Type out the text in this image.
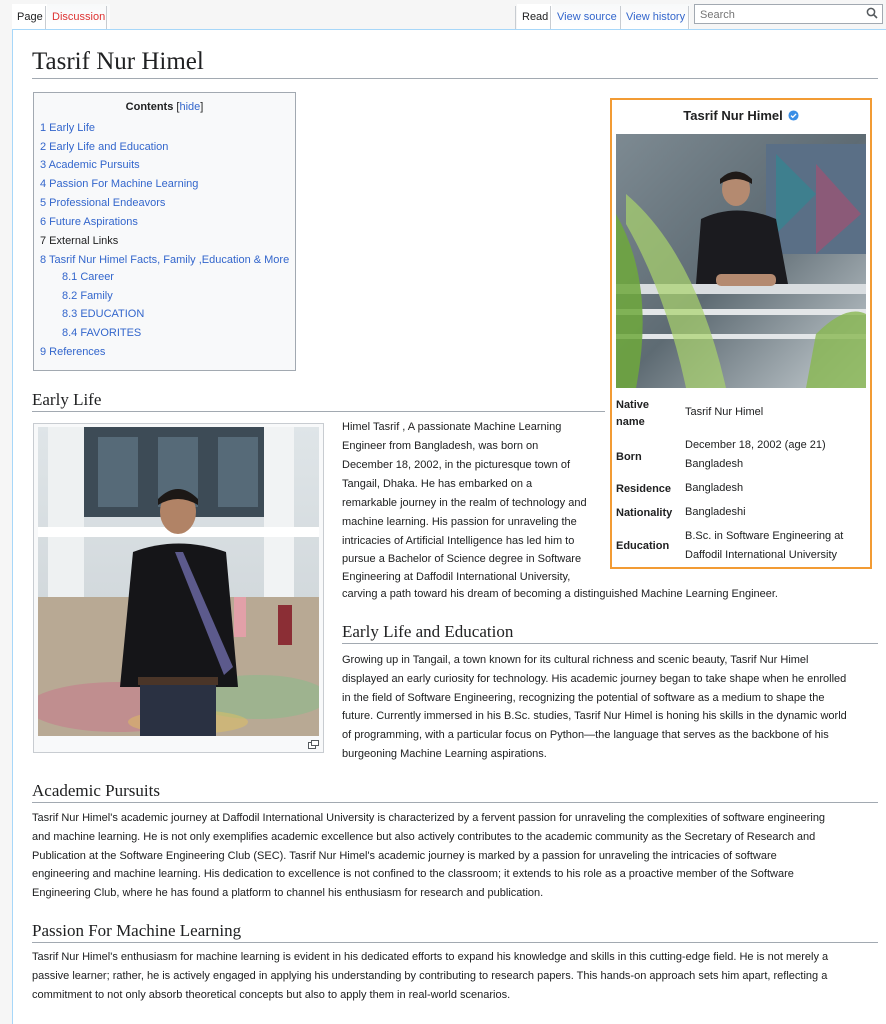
Page Discussion	Read View source View history
Search
Tasrif Nur Himel
Contents [hide]
1 Early Life
2 Early Life and Education
3 Academic Pursuits
4 Passion For Machine Learning
5 Professional Endeavors
6 Future Aspirations
7 External Links
8 Tasrif Nur Himel Facts, Family ,Education & More
8.1 Career
8.2 Family
8.3 EDUCATION
8.4 FAVORITES
9 References
Tasrif Nur Himel
Native
name
Tasrif Nur Himel
Born
December 18, 2002 (age 21)
Bangladesh
Residence Bangladesh
Nationality Bangladeshi
Education
B.Sc. in Software Engineering at
Daffodil International University
Early Life

Himel Tasrif , A passionate Machine Learning

Engineer from Bangladesh, was born on

December 18, 2002, in the picturesque town of

Tangail, Dhaka. He has embarked on a

remarkable journey in the realm of technology and

machine learning. His passion for unraveling the

intricacies of Artificial Intelligence has led him to

pursue a Bachelor of Science degree in Software

Engineering at Daffodil International University,

carving a path toward his dream of becoming a distinguished Machine Learning Engineer.

Early Life and Education

Growing up in Tangail, a town known for its cultural richness and scenic beauty, Tasrif Nur Himel

displayed an early curiosity for technology. His academic journey began to take shape when he enrolled

in the field of Software Engineering, recognizing the potential of software as a medium to shape the

future. Currently immersed in his B.Sc. studies, Tasrif Nur Himel is honing his skills in the dynamic world

of programming, with a particular focus on Python—the language that serves as the backbone of his

burgeoning Machine Learning aspirations.

Academic Pursuits

Tasrif Nur Himel's academic journey at Daffodil International University is characterized by a fervent passion for unraveling the complexities of software engineering

and machine learning. He is not only exemplifies academic excellence but also actively contributes to the academic community as the Secretary of Research and

Publication at the Software Engineering Club (SEC). Tasrif Nur Himel's academic journey is marked by a passion for unraveling the intricacies of software

engineering and machine learning. His dedication to excellence is not confined to the classroom; it extends to his role as a proactive member of the Software

Engineering Club, where he has found a platform to channel his enthusiasm for research and publication.

Passion For Machine Learning

Tasrif Nur Himel's enthusiasm for machine learning is evident in his dedicated efforts to expand his knowledge and skills in this cutting-edge field. He is not merely a

passive learner; rather, he is actively engaged in applying his understanding by contributing to research papers. This hands-on approach sets him apart, reflecting a

commitment to not only absorb theoretical concepts but also to apply them in real-world scenarios.
